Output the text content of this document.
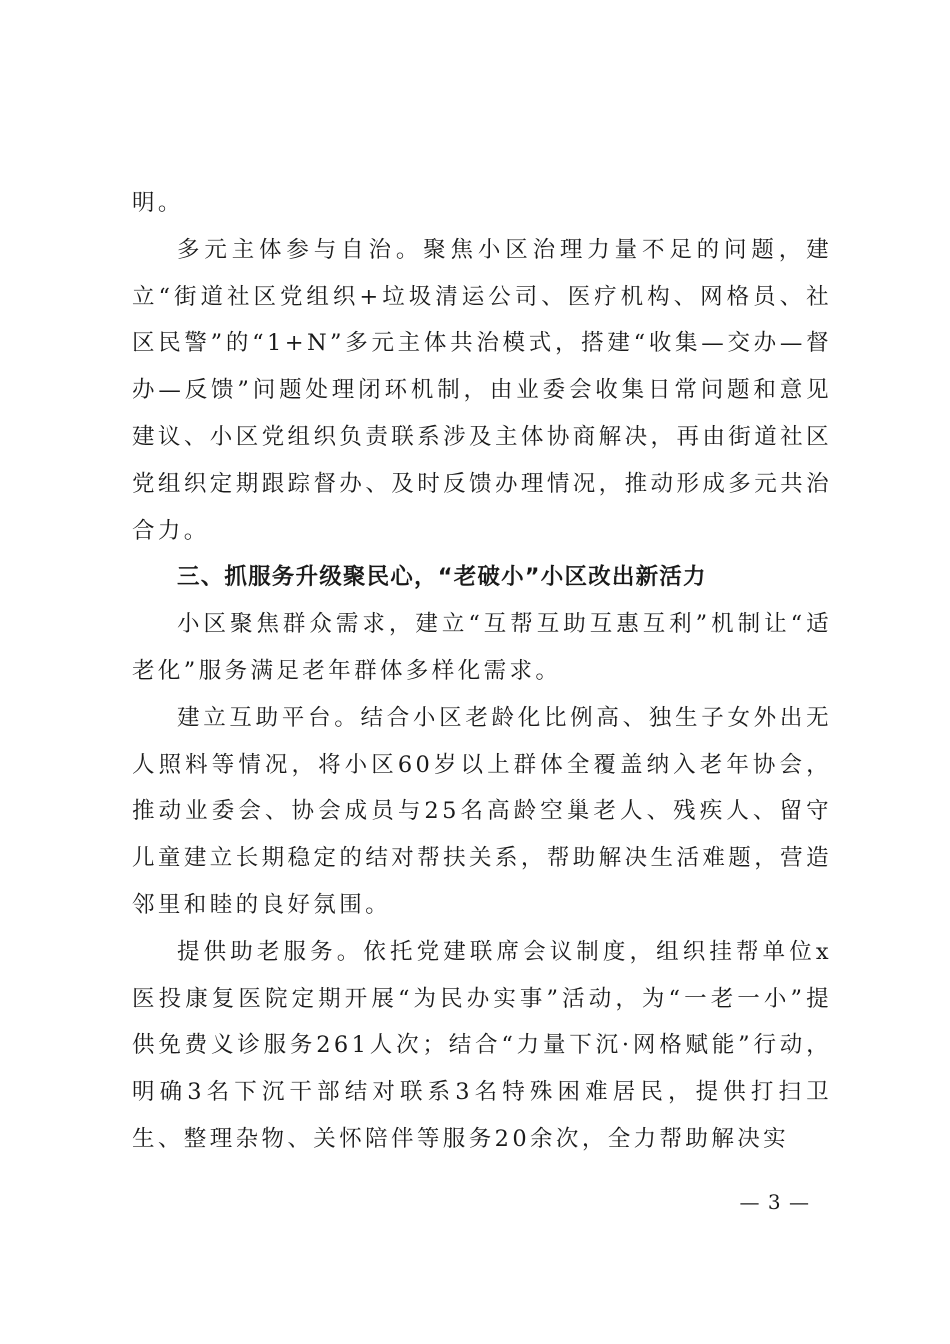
明。

多元主体参与自治。聚焦小区治理力量不足的问题，建立“街道社区党组织+垃圾清运公司、医疗机构、网格员、社区民警”的“1+N”多元主体共治模式，搭建“收集—交办—督办—反馈”问题处理闭环机制，由业委会收集日常问题和意见建议、小区党组织负责联系涉及主体协商解决，再由街道社区党组织定期跟踪督办、及时反馈办理情况，推动形成多元共治合力。

三、抓服务升级聚民心，“老破小”小区改出新活力

小区聚焦群众需求，建立“互帮互助互惠互利”机制让“适老化”服务满足老年群体多样化需求。

建立互助平台。结合小区老龄化比例高、独生子女外出无人照料等情况，将小区60岁以上群体全覆盖纳入老年协会，推动业委会、协会成员与25名高龄空巢老人、残疾人、留守儿童建立长期稳定的结对帮扶关系，帮助解决生活难题，营造邻里和睦的良好氛围。

提供助老服务。依托党建联席会议制度，组织挂帮单位x医投康复医院定期开展“为民办实事”活动，为“一老一小”提供免费义诊服务261人次；结合“力量下沉·网格赋能”行动，明确3名下沉干部结对联系3名特殊困难居民，提供打扫卫生、整理杂物、关怀陪伴等服务20余次，全力帮助解决实

— 3 —
